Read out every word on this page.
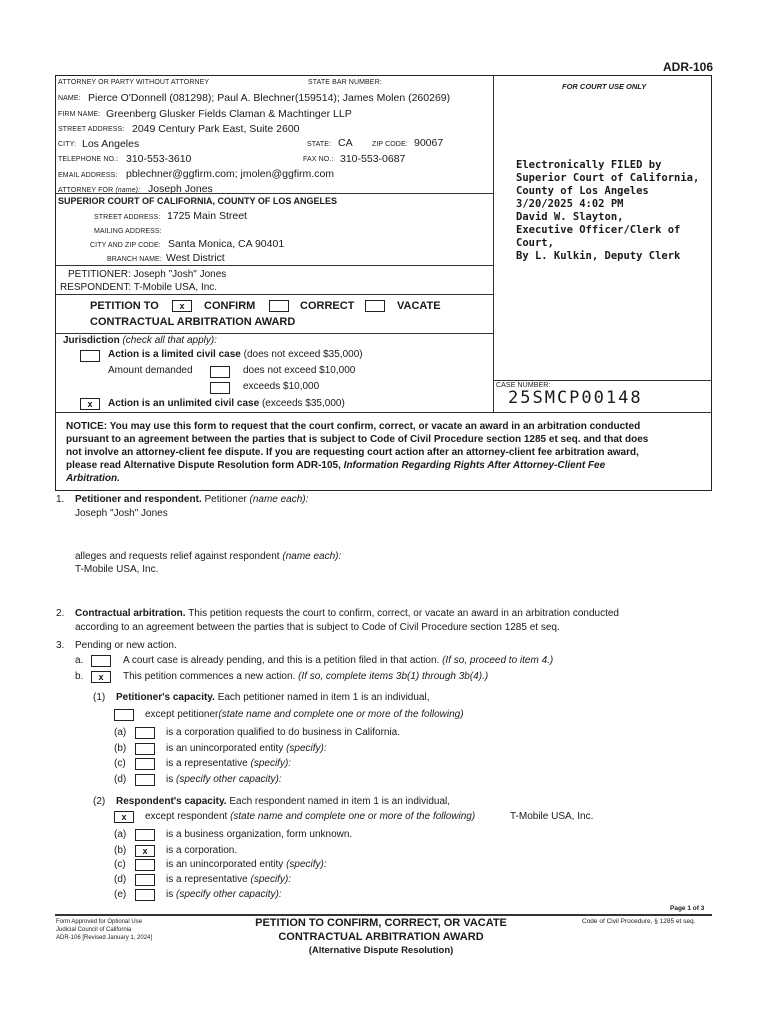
ADR-106
ATTORNEY OR PARTY WITHOUT ATTORNEY	STATE BAR NUMBER:
NAME: Pierce O'Donnell (081298); Paul A. Blechner(159514); James Molen (260269)
FIRM NAME: Greenberg Glusker Fields Claman & Machtinger LLP
STREET ADDRESS: 2049 Century Park East, Suite 2600
CITY: Los Angeles	STATE: CA	ZIP CODE: 90067
TELEPHONE NO.: 310-553-3610	FAX NO.: 310-553-0687
EMAIL ADDRESS: pblechner@ggfirm.com; jmolen@ggfirm.com
ATTORNEY FOR (name): Joseph Jones
SUPERIOR COURT OF CALIFORNIA, COUNTY OF LOS ANGELES
STREET ADDRESS: 1725 Main Street
MAILING ADDRESS:
CITY AND ZIP CODE: Santa Monica, CA 90401
BRANCH NAME: West District
PETITIONER: Joseph "Josh" Jones
RESPONDENT: T-Mobile USA, Inc.
PETITION TO	x	CONFIRM	CORRECT	VACATE
CONTRACTUAL ARBITRATION AWARD
Jurisdiction (check all that apply):
Action is a limited civil case (does not exceed $35,000)
Amount demanded	does not exceed $10,000
exceeds $10,000
x	Action is an unlimited civil case (exceeds $35,000)
FOR COURT USE ONLY
Electronically FILED by
Superior Court of California,
County of Los Angeles
3/20/2025 4:02 PM
David W. Slayton,
Executive Officer/Clerk of Court,
By L. Kulkin, Deputy Clerk
CASE NUMBER:
25SMCP00148
NOTICE: You may use this form to request that the court confirm, correct, or vacate an award in an arbitration conducted
pursuant to an agreement between the parties that is subject to Code of Civil Procedure section 1285 et seq. and that does
not involve an attorney-client fee dispute. If you are requesting court action after an attorney-client fee arbitration award,
please read Alternative Dispute Resolution form ADR-105, Information Regarding Rights After Attorney-Client Fee
Arbitration.
1. Petitioner and respondent. Petitioner (name each):
Joseph "Josh" Jones
alleges and requests relief against respondent (name each):
T-Mobile USA, Inc.
2. Contractual arbitration. This petition requests the court to confirm, correct, or vacate an award in an arbitration conducted
according to an agreement between the parties that is subject to Code of Civil Procedure section 1285 et seq.
3. Pending or new action.
a.	A court case is already pending, and this is a petition filed in that action. (If so, proceed to item 4.)
b.	x	This petition commences a new action. (If so, complete items 3b(1) through 3b(4).)
(1) Petitioner's capacity. Each petitioner named in item 1 is an individual,
except petitioner(state name and complete one or more of the following)
(a)	is a corporation qualified to do business in California.
(b)	is an unincorporated entity (specify):
(c)	is a representative (specify):
(d)	is (specify other capacity):
(2) Respondent's capacity. Each respondent named in item 1 is an individual,
x	except respondent (state name and complete one or more of the following)	T-Mobile USA, Inc.
(a)	is a business organization, form unknown.
(b)	x	is a corporation.
(c)	is an unincorporated entity (specify):
(d)	is a representative (specify):
(e)	is (specify other capacity):
Page 1 of 3
Form Approved for Optional Use
Judicial Council of California
ADR-106 [Revised January 1, 2024]
PETITION TO CONFIRM, CORRECT, OR VACATE
CONTRACTUAL ARBITRATION AWARD
(Alternative Dispute Resolution)
Code of Civil Procedure, § 1285 et seq.
